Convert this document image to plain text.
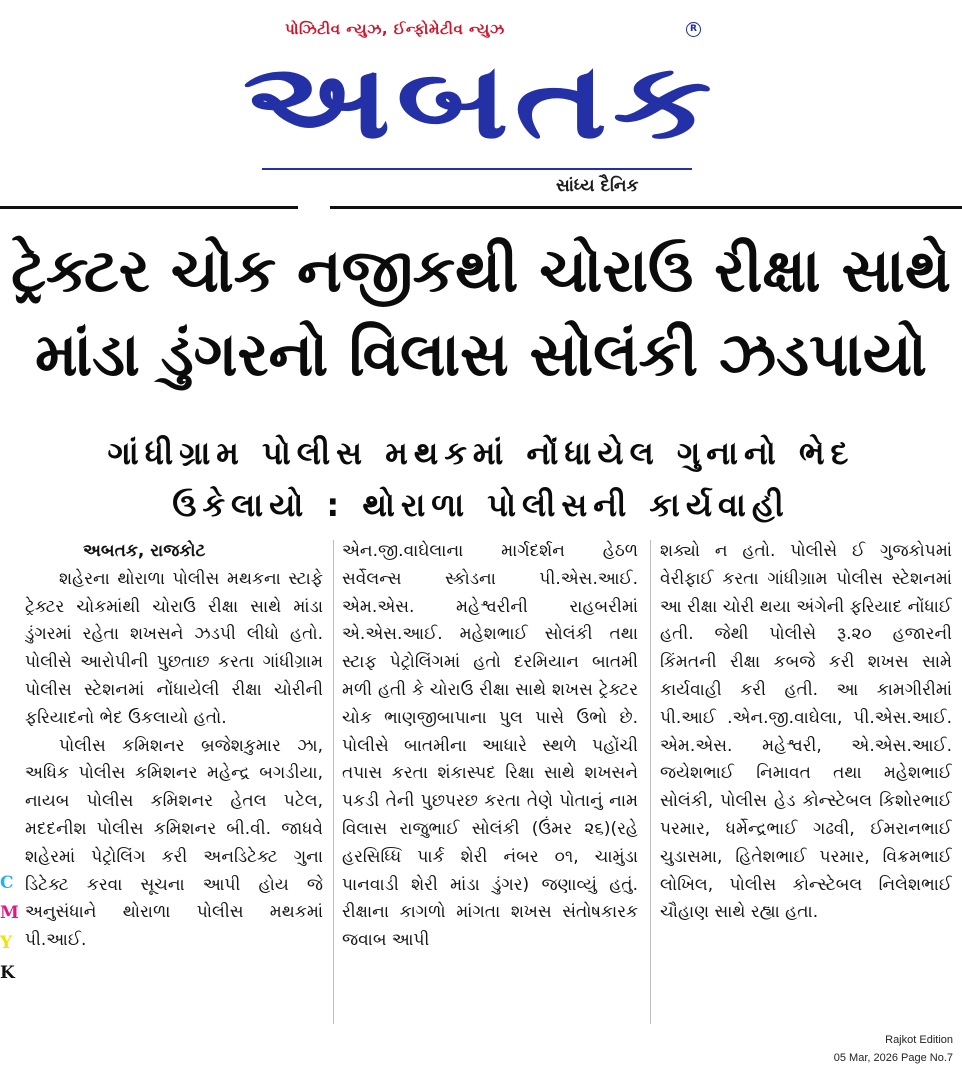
પોઝિટીવ ન્યુઝ, ઈન્ફોમેટીવ ન્યુઝ	R
અબતક
સાંધ્ય દૈનિક
ટ્રેક્ટર ચોક નજીકથી ચોરાઉ રીક્ષા સાથે
માંડા ડુંગરનો વિલાસ સોલંકી ઝડપાયો
ગાંધીગ્રામ પોલીસ મથકમાં નોંધાયેલ ગુનાનો ભેદ
ઉકેલાયો : થોરાળા પોલીસની કાર્યવાહી

અબતક, રાજકોટ

શહેરના થોરાળા પોલીસ મથકના સ્ટાફે ટ્રેક્ટર ચોકમાંથી ચોરાઉ રીક્ષા સાથે માંડા ડુંગરમાં રહેતા શખસને ઝડપી લીધો હતો. પોલીસે આરોપીની પુછતાછ કરતા ગાંધીગ્રામ પોલીસ સ્ટેશનમાં નોંધાયેલી રીક્ષા ચોરીની ફરિયાદનો ભેદ ઉકલાયો હતો.

પોલીસ કમિશનર બ્રજેશકુમાર ઝા, અધિક પોલીસ કમિશનર મહેન્દ્ર બગડીયા, નાયબ પોલીસ કમિશનર હેતલ પટેલ, મદદનીશ પોલીસ કમિશનર બી.વી. જાધવે શહેરમાં પેટ્રોલિંગ કરી અનડિટેક્ટ ગુના ડિટેક્ટ કરવા સૂચના આપી હોય જે અનુસંધાને થોરાળા પોલીસ મથકમાં પી.આઈ.

એન.જી.વાઘેલાના માર્ગદર્શન હેઠળ સર્વેલન્સ સ્કોડના પી.એસ.આઈ. એમ.એસ. મહેશ્વરીની રાહબરીમાં એ.એસ.આઈ. મહેશભાઈ સોલંકી તથા સ્ટાફ પેટ્રોલિંગમાં હતો દરમિયાન બાતમી મળી હતી કે ચોરાઉ રીક્ષા સાથે શખસ ટ્રેક્ટર ચોક ભાણજીબાપાના પુલ પાસે ઉભો છે. પોલીસે બાતમીના આધારે સ્થળે પહોંચી તપાસ કરતા શંકાસ્પદ રિક્ષા સાથે શખસને પકડી તેની પુછપરછ કરતા તેણે પોતાનું નામ વિલાસ રાજુભાઈ સોલંકી (ઉંમર ૨૬)(રહે હરસિધ્ધિ પાર્ક શેરી નંબર ૦૧, ચામુંડા પાનવાડી શેરી માંડા ડુંગર) જણાવ્યું હતું. રીક્ષાના કાગળો માંગતા શખસ સંતોષકારક જવાબ આપી

શક્યો ન હતો. પોલીસે ઈ ગુજકોપમાં વેરીફાઈ કરતા ગાંધીગ્રામ પોલીસ સ્ટેશનમાં આ રીક્ષા ચોરી થયા અંગેની ફરિયાદ નોંધાઈ હતી. જેથી પોલીસે રૂ.૨૦ હજારની કિંમતની રીક્ષા કબજે કરી શખસ સામે કાર્યવાહી કરી હતી. આ કામગીરીમાં પી.આઈ .એન.જી.વાઘેલા, પી.એસ.આઈ. એમ.એસ. મહેશ્વરી, એ.એસ.આઈ. જયેશભાઈ નિમાવત તથા મહેશભાઈ સોલંકી, પોલીસ હેડ કોન્સ્ટેબલ કિશોરભાઈ પરમાર, ધર્મેન્દ્રભાઈ ગઢવી, ઈમરાનભાઈ ચુડાસમા, હિતેશભાઈ પરમાર, વિક્રમભાઈ લોખિલ, પોલીસ કોન્સ્ટેબલ નિલેશભાઈ ચૌહાણ સાથે રહ્યા હતા.

C
M
Y
K
Rajkot Edition
05 Mar, 2026 Page No.7
